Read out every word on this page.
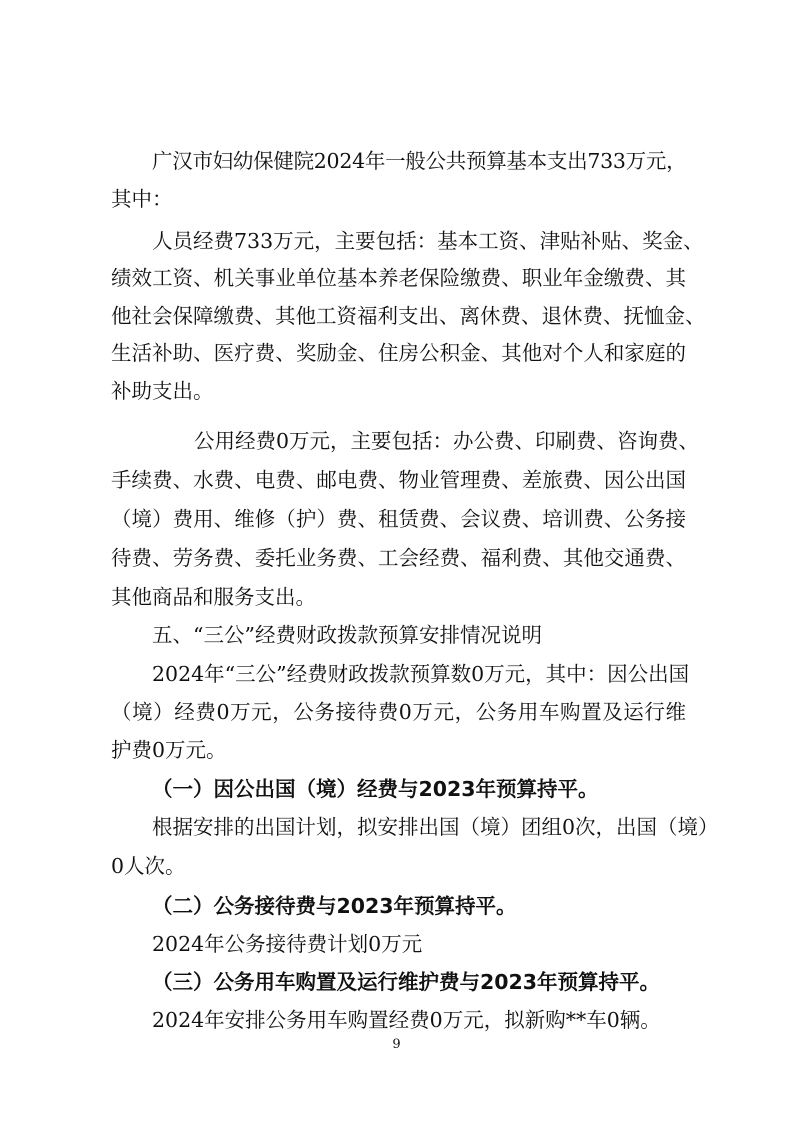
广汉市妇幼保健院2024年一般公共预算基本支出733万元，
其中：
人员经费733万元，主要包括：基本工资、津贴补贴、奖金、
绩效工资、机关事业单位基本养老保险缴费、职业年金缴费、其
他社会保障缴费、其他工资福利支出、离休费、退休费、抚恤金、
生活补助、医疗费、奖励金、住房公积金、其他对个人和家庭的
补助支出。
公用经费0万元，主要包括：办公费、印刷费、咨询费、
手续费、水费、电费、邮电费、物业管理费、差旅费、因公出国
（境）费用、维修（护）费、租赁费、会议费、培训费、公务接
待费、劳务费、委托业务费、工会经费、福利费、其他交通费、
其他商品和服务支出。
五、“三公”经费财政拨款预算安排情况说明
2024年“三公”经费财政拨款预算数0万元，其中：因公出国
（境）经费0万元，公务接待费0万元，公务用车购置及运行维
护费0万元。
（一）因公出国（境）经费与2023年预算持平。
根据安排的出国计划，拟安排出国（境）团组0次，出国（境）
0人次。
（二）公务接待费与2023年预算持平。
2024年公务接待费计划0万元
（三）公务用车购置及运行维护费与2023年预算持平。
2024年安排公务用车购置经费0万元，拟新购**车0辆。
9
